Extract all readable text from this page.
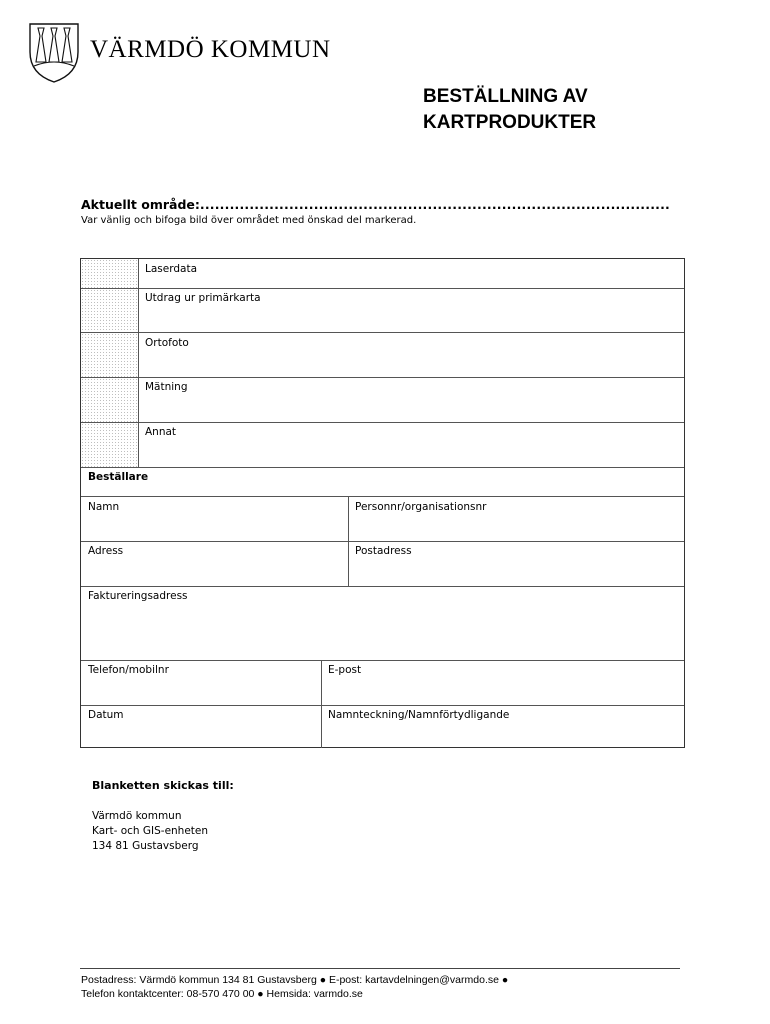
VÄRMDÖ KOMMUN
BESTÄLLNING AV
KARTPRODUKTER
Aktuellt område:...............................................................................................
Var vänlig och bifoga bild över området med önskad del markerad.
Laserdata
Utdrag ur primärkarta
Ortofoto
Mätning
Annat
Beställare
Namn	Personnr/organisationsnr
Adress	Postadress
Faktureringsadress
Telefon/mobilnr	E-post
Datum	Namnteckning/Namnförtydligande
Blanketten skickas till:
Värmdö kommun
Kart- och GIS-enheten
134 81 Gustavsberg
Postadress: Värmdö kommun 134 81 Gustavsberg ● E-post: kartavdelningen@varmdo.se ●
Telefon kontaktcenter: 08-570 470 00 ● Hemsida: varmdo.se
